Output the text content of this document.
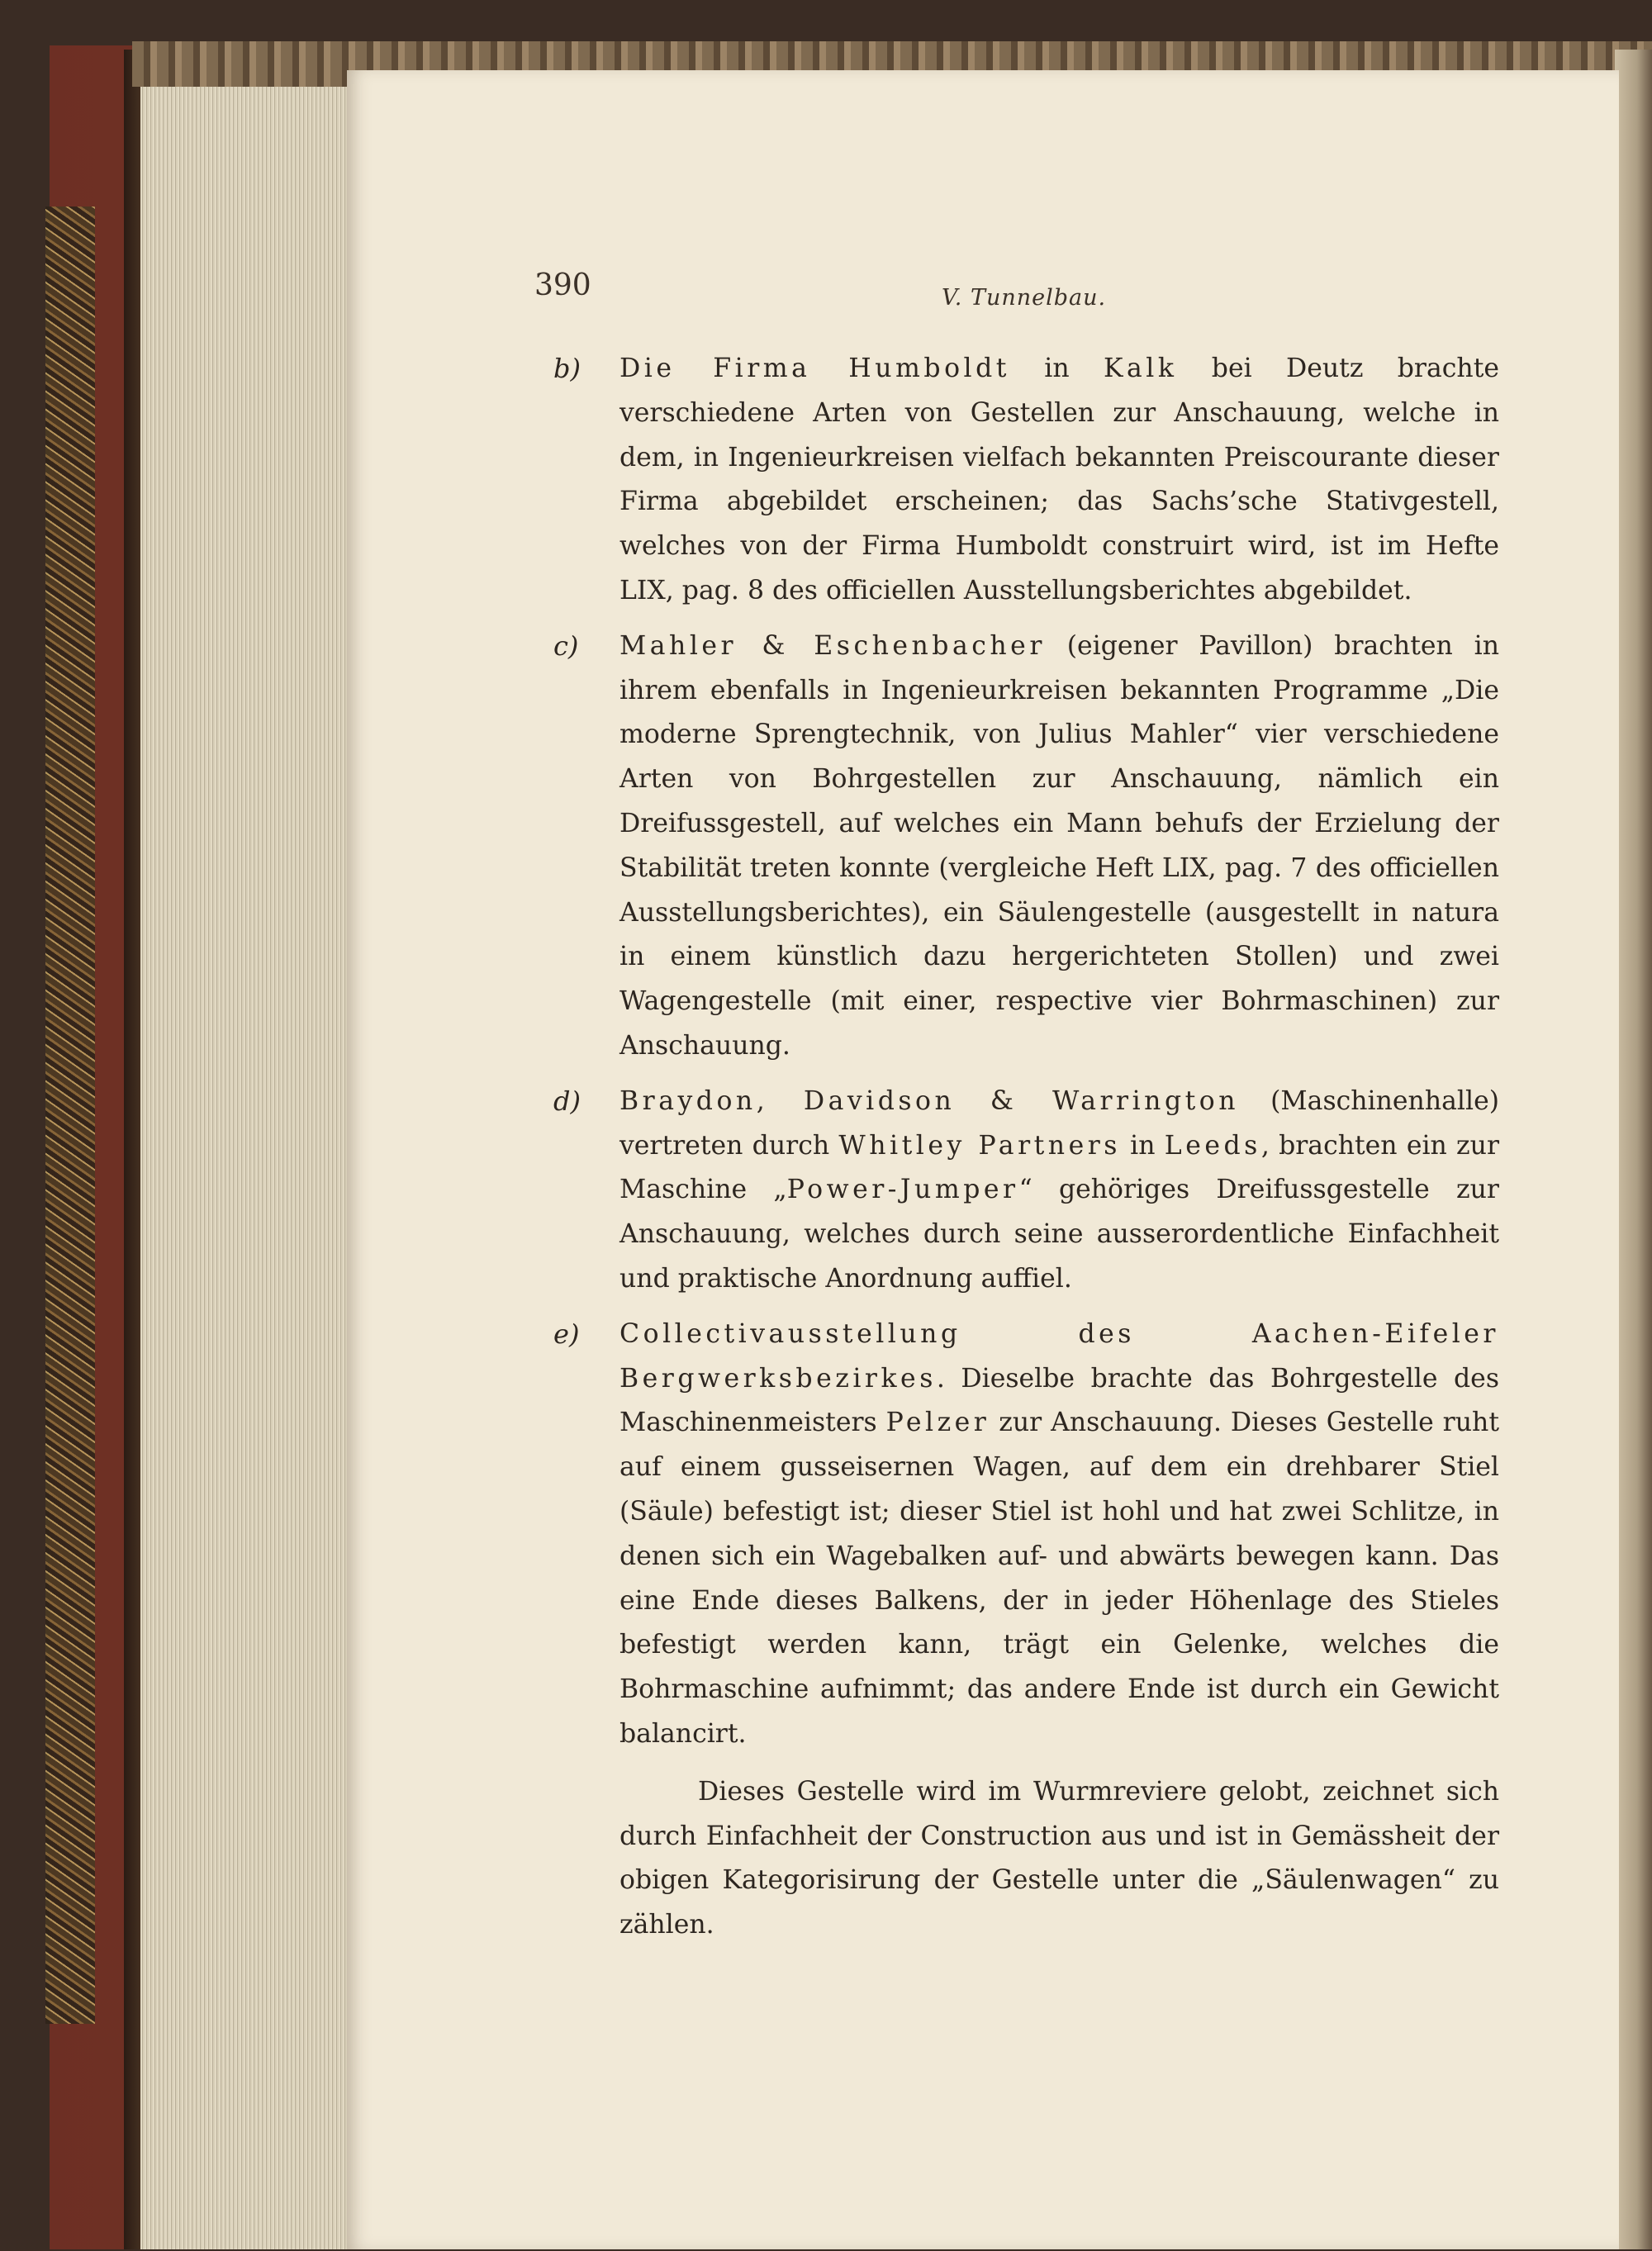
390	V. Tunnelbau.
b) Die Firma Humboldt in Kalk bei Deutz brachte verschiedene Arten von Gestellen zur Anschauung, welche in dem, in Ingenieurkreisen vielfach bekannten Preiscourante dieser Firma abgebildet erscheinen; das Sachs’sche Stativgestell, welches von der Firma Humboldt construirt wird, ist im Hefte LIX, pag. 8 des officiellen Ausstellungsberichtes abgebildet.

c) Mahler & Eschenbacher (eigener Pavillon) brachten in ihrem ebenfalls in Ingenieurkreisen bekannten Programme „Die moderne Sprengtechnik, von Julius Mahler“ vier verschiedene Arten von Bohrgestellen zur Anschauung, nämlich ein Dreifussgestell, auf welches ein Mann behufs der Erzielung der Stabilität treten konnte (vergleiche Heft LIX, pag. 7 des officiellen Ausstellungsberichtes), ein Säulengestelle (ausgestellt in natura in einem künstlich dazu hergerichteten Stollen) und zwei Wagengestelle (mit einer, respective vier Bohrmaschinen) zur Anschauung.

d) Braydon, Davidson & Warrington (Maschinenhalle) vertreten durch Whitley Partners in Leeds, brachten ein zur Maschine „Power-Jumper“ gehöriges Dreifussgestelle zur Anschauung, welches durch seine ausserordentliche Einfachheit und praktische Anordnung auffiel.

e) Collectivausstellung des Aachen-Eifeler Bergwerksbezirkes. Dieselbe brachte das Bohrgestelle des Maschinenmeisters Pelzer zur Anschauung. Dieses Gestelle ruht auf einem gusseisernen Wagen, auf dem ein drehbarer Stiel (Säule) befestigt ist; dieser Stiel ist hohl und hat zwei Schlitze, in denen sich ein Wagebalken auf- und abwärts bewegen kann. Das eine Ende dieses Balkens, der in jeder Höhenlage des Stieles befestigt werden kann, trägt ein Gelenke, welches die Bohrmaschine aufnimmt; das andere Ende ist durch ein Gewicht balancirt.

Dieses Gestelle wird im Wurmreviere gelobt, zeichnet sich durch Einfachheit der Construction aus und ist in Gemässheit der obigen Kategorisirung der Gestelle unter die „Säulenwagen“ zu zählen.
